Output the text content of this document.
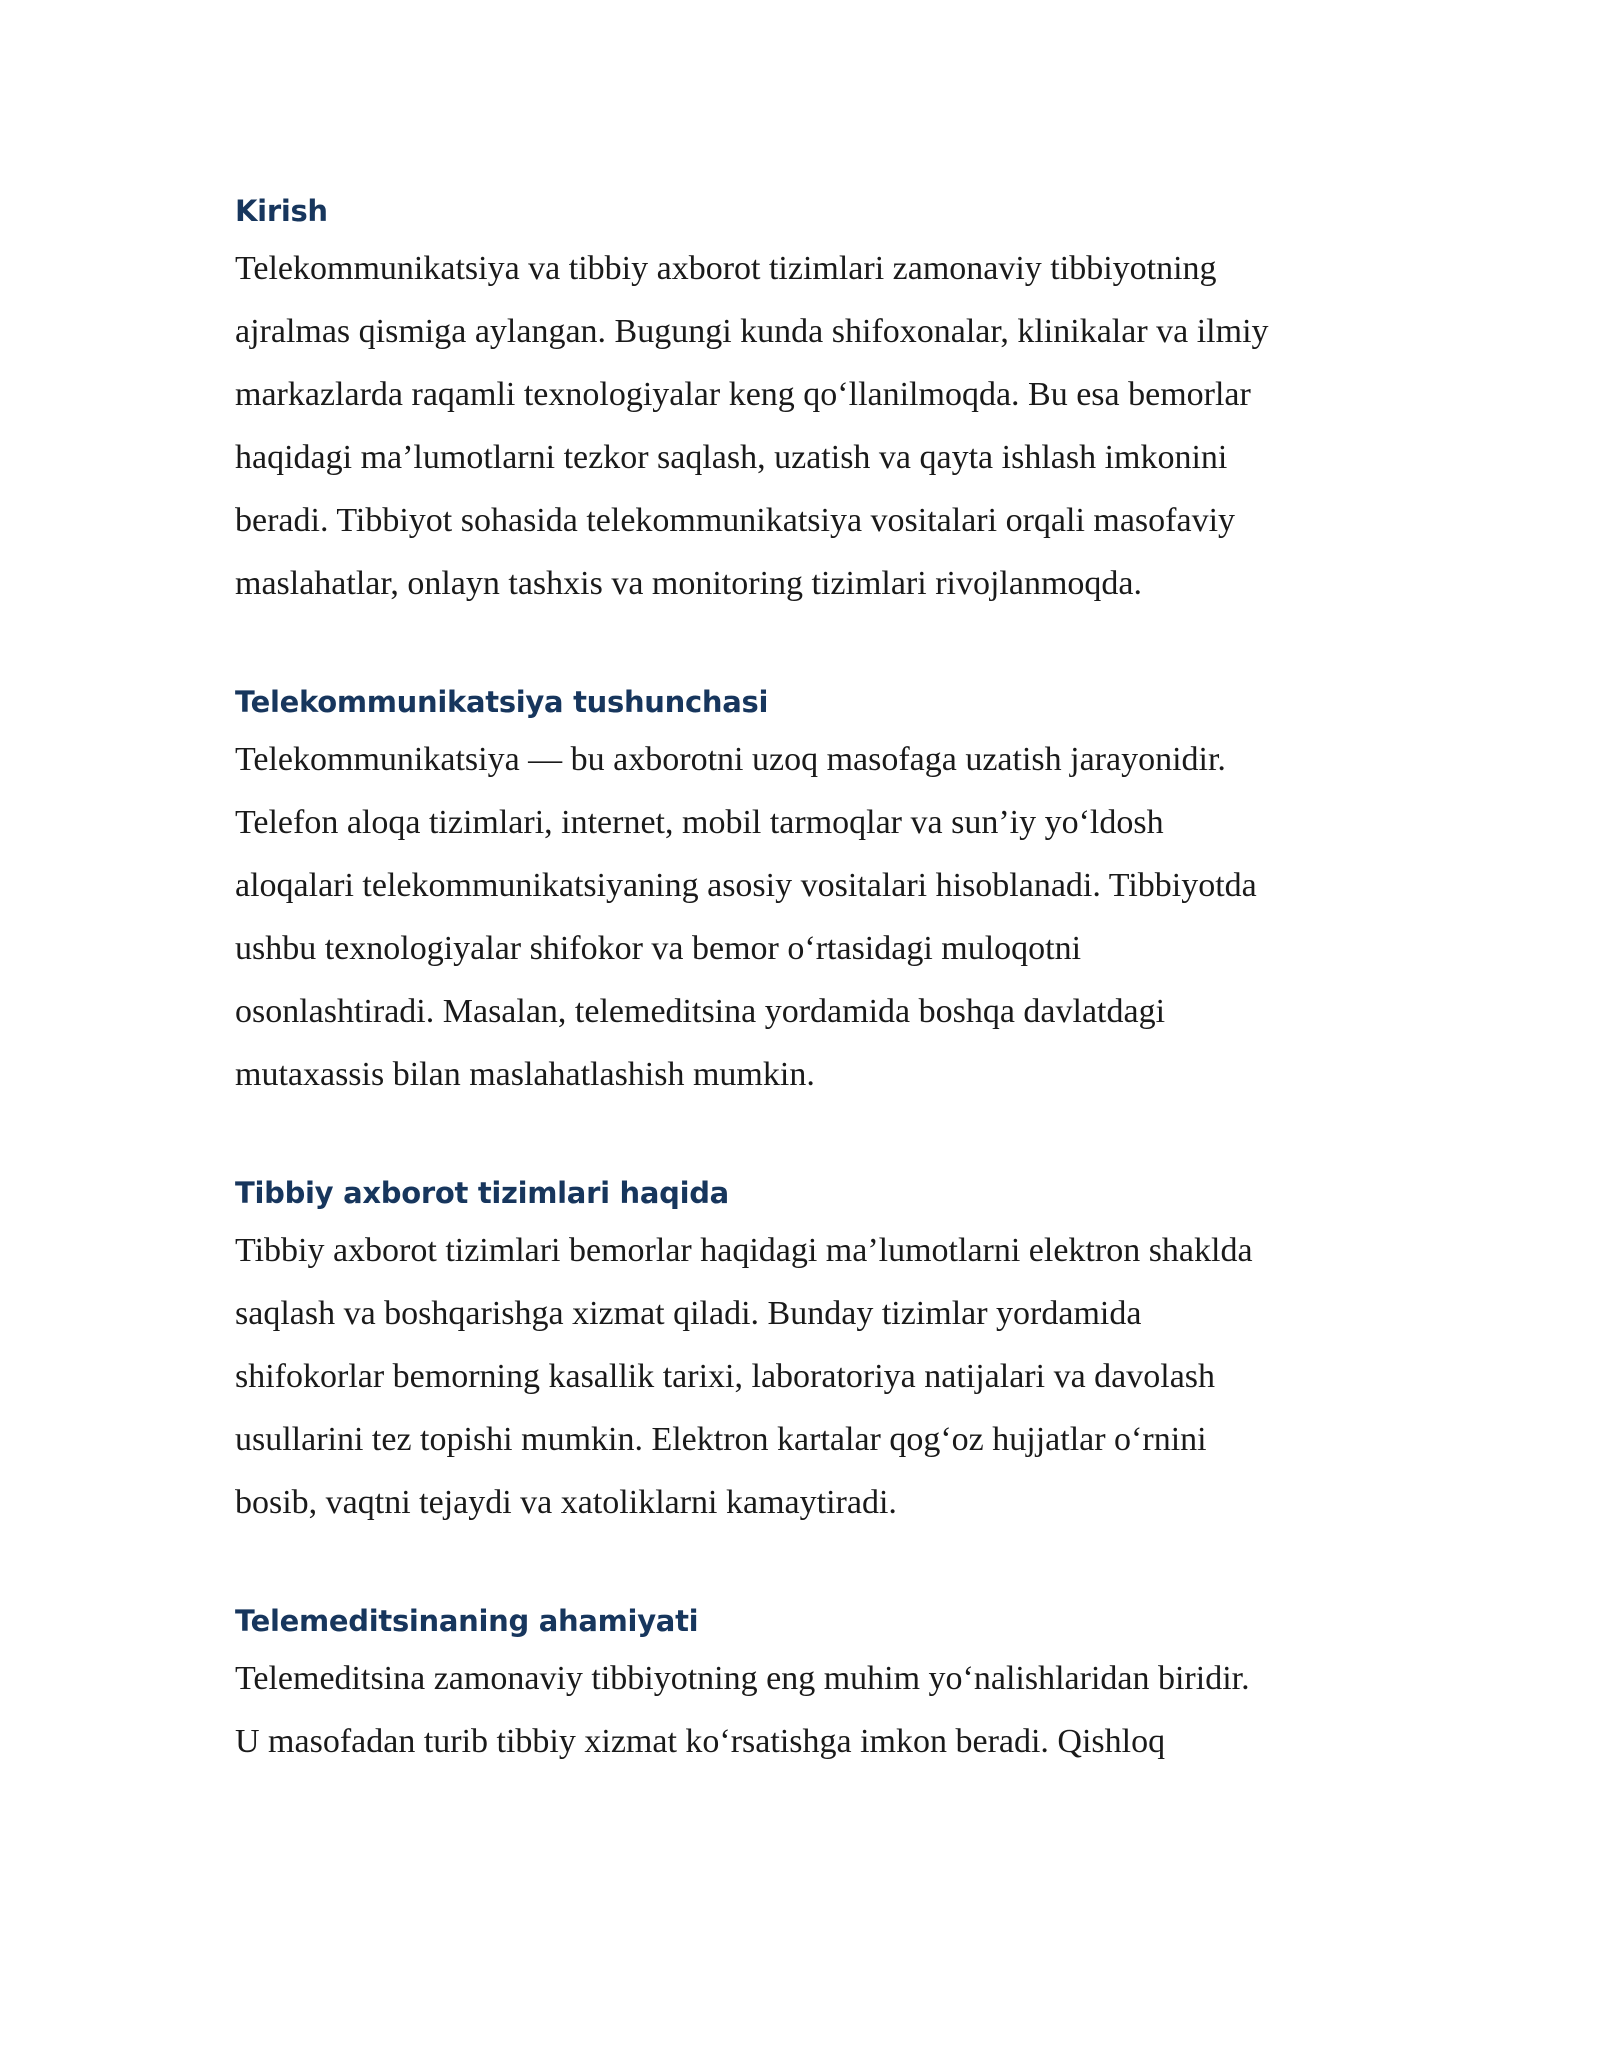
Kirish

Telekommunikatsiya va tibbiy axborot tizimlari zamonaviy tibbiyotning

ajralmas qismiga aylangan. Bugungi kunda shifoxonalar, klinikalar va ilmiy

markazlarda raqamli texnologiyalar keng qo‘llanilmoqda. Bu esa bemorlar

haqidagi ma’lumotlarni tezkor saqlash, uzatish va qayta ishlash imkonini

beradi. Tibbiyot sohasida telekommunikatsiya vositalari orqali masofaviy

maslahatlar, onlayn tashxis va monitoring tizimlari rivojlanmoqda.

Telekommunikatsiya tushunchasi

Telekommunikatsiya — bu axborotni uzoq masofaga uzatish jarayonidir.

Telefon aloqa tizimlari, internet, mobil tarmoqlar va sun’iy yo‘ldosh

aloqalari telekommunikatsiyaning asosiy vositalari hisoblanadi. Tibbiyotda

ushbu texnologiyalar shifokor va bemor o‘rtasidagi muloqotni

osonlashtiradi. Masalan, telemeditsina yordamida boshqa davlatdagi

mutaxassis bilan maslahatlashish mumkin.

Tibbiy axborot tizimlari haqida

Tibbiy axborot tizimlari bemorlar haqidagi ma’lumotlarni elektron shaklda

saqlash va boshqarishga xizmat qiladi. Bunday tizimlar yordamida

shifokorlar bemorning kasallik tarixi, laboratoriya natijalari va davolash

usullarini tez topishi mumkin. Elektron kartalar qog‘oz hujjatlar o‘rnini

bosib, vaqtni tejaydi va xatoliklarni kamaytiradi.

Telemeditsinaning ahamiyati

Telemeditsina zamonaviy tibbiyotning eng muhim yo‘nalishlaridan biridir.

U masofadan turib tibbiy xizmat ko‘rsatishga imkon beradi. Qishloq
